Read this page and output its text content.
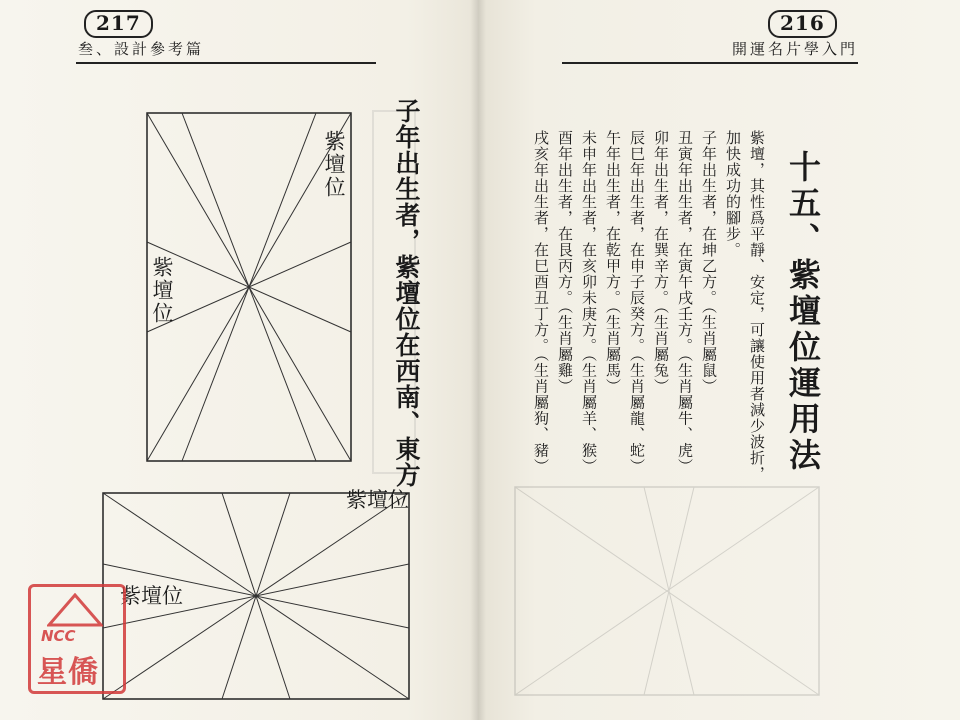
217
叁、設計參考篇
子年出生者，紫壇位在西南、東方
紫壇位
紫壇位
紫壇位
紫壇位
216
開運名片學入門
十五、紫壇位運用法
紫壇，其性爲平靜、安定，可讓使用者減少波折，
加快成功的腳步。
子年出生者，在坤乙方。（生肖屬鼠）
丑寅年出生者，在寅午戌壬方。（生肖屬牛、虎）
卯年出生者，在巽辛方。（生肖屬兔）
辰巳年出生者，在申子辰癸方。（生肖屬龍、蛇）
午年出生者，在乾甲方。（生肖屬馬）
未申年出生者，在亥卯未庚方。（生肖屬羊、猴）
酉年出生者，在艮丙方。（生肖屬雞）
戌亥年出生者，在巳酉丑丁方。（生肖屬狗、豬）
NCC
星僑
